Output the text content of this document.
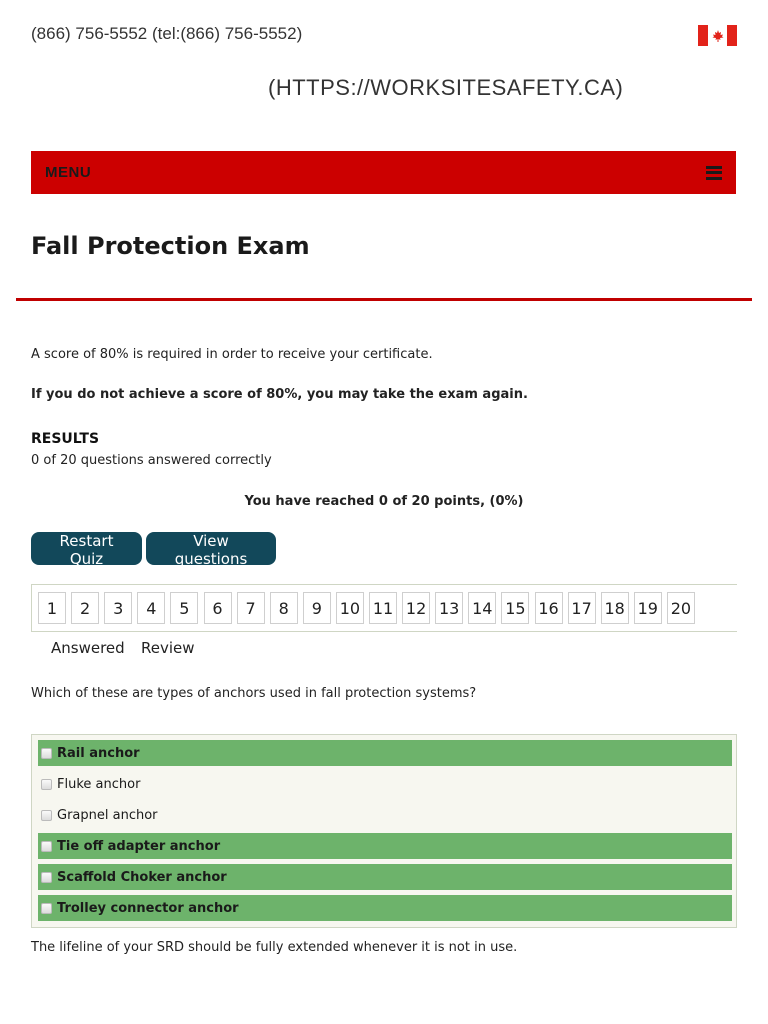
(866) 756-5552 (tel:(866) 756-5552)
(HTTPS://WORKSITESAFETY.CA)
MENU
Fall Protection Exam

A score of 80% is required in order to receive your certificate.

If you do not achieve a score of 80%, you may take the exam again.

RESULTS
0 of 20 questions answered correctly
You have reached 0 of 20 points, (0%)
Restart Quiz
View questions
1	2	3	4	5	6	7	8	9	10 11 12 13 14 15 16 17 18 19 20
Answered Review

Which of these are types of anchors used in fall protection systems?

Rail anchor
Fluke anchor
Grapnel anchor
Tie off adapter anchor
Scaffold Choker anchor
Trolley connector anchor

The lifeline of your SRD should be fully extended whenever it is not in use.
